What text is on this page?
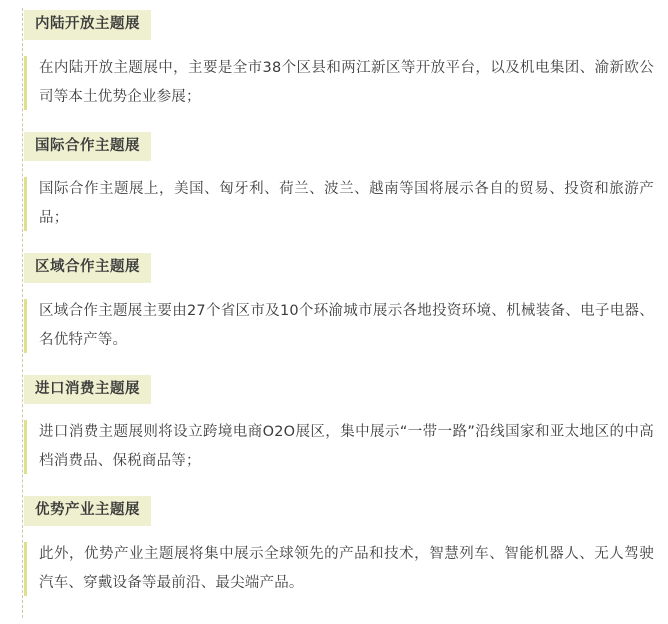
内陆开放主题展

在内陆开放主题展中，主要是全市38个区县和两江新区等开放平台，以及机电集团、渝新欧公司等本土优势企业参展；

国际合作主题展

国际合作主题展上，美国、匈牙利、荷兰、波兰、越南等国将展示各自的贸易、投资和旅游产品；

区域合作主题展

区域合作主题展主要由27个省区市及10个环渝城市展示各地投资环境、机械装备、电子电器、名优特产等。

进口消费主题展

进口消费主题展则将设立跨境电商O2O展区，集中展示“一带一路”沿线国家和亚太地区的中高档消费品、保税商品等；

优势产业主题展

此外，优势产业主题展将集中展示全球领先的产品和技术，智慧列车、智能机器人、无人驾驶汽车、穿戴设备等最前沿、最尖端产品。
